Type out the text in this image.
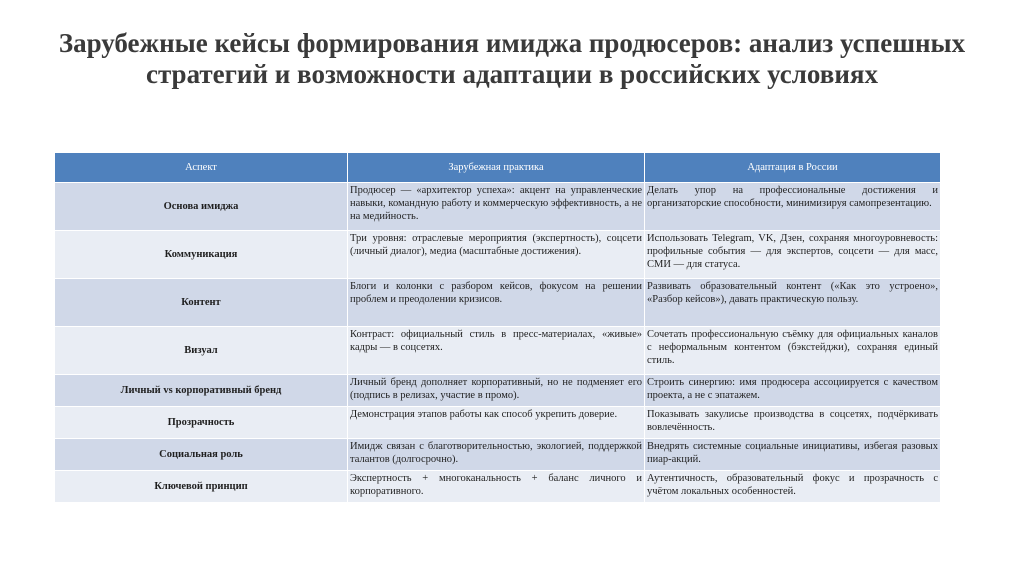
Зарубежные кейсы формирования имиджа продюсеров: анализ успешных стратегий и возможности адаптации в российских условиях
Аспект	Зарубежная практика	Адаптация в России
Основа имиджа	Продюсер — «архитектор успеха»: акцент на управленческие навыки, командную работу и коммерческую эффективность, а не на медийность.	Делать упор на профессиональные достижения и организаторские способности, минимизируя самопрезентацию.
Коммуникация	Три уровня: отраслевые мероприятия (экспертность), соцсети (личный диалог), медиа (масштабные достижения).	Использовать Telegram, VK, Дзен, сохраняя многоуровневость: профильные события — для экспертов, соцсети — для масс, СМИ — для статуса.
Контент	Блоги и колонки с разбором кейсов, фокусом на решении проблем и преодолении кризисов.	Развивать образовательный контент («Как это устроено», «Разбор кейсов»), давать практическую пользу.
Визуал	Контраст: официальный стиль в пресс-материалах, «живые» кадры — в соцсетях.	Сочетать профессиональную съёмку для официальных каналов с неформальным контентом (бэкстейджи), сохраняя единый стиль.
Личный vs корпоративный бренд	Личный бренд дополняет корпоративный, но не подменяет его (подпись в релизах, участие в промо).	Строить синергию: имя продюсера ассоциируется с качеством проекта, а не с эпатажем.
Прозрачность	Демонстрация этапов работы как способ укрепить доверие.	Показывать закулисье производства в соцсетях, подчёркивать вовлечённость.
Социальная роль	Имидж связан с благотворительностью, экологией, поддержкой талантов (долгосрочно).	Внедрять системные социальные инициативы, избегая разовых пиар-акций.
Ключевой принцип	Экспертность + многоканальность + баланс личного и корпоративного.	Аутентичность, образовательный фокус и прозрачность с учётом локальных особенностей.
